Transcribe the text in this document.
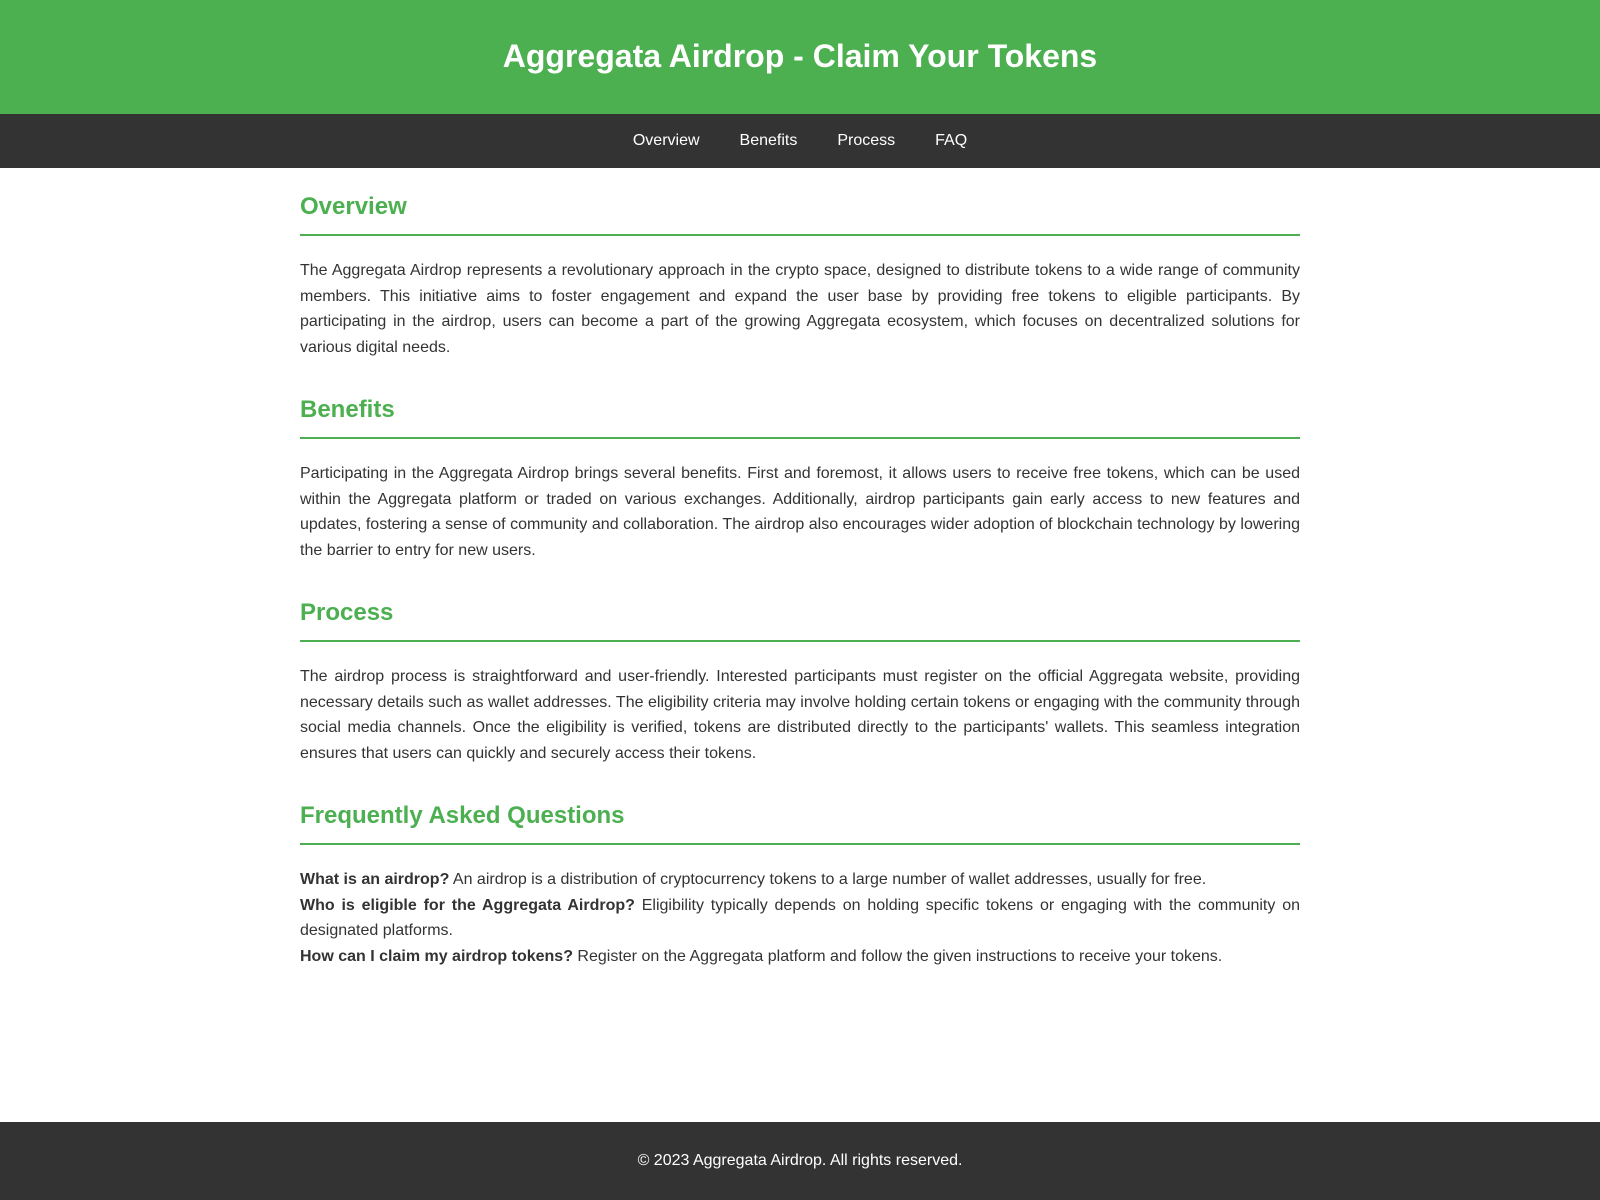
Aggregata Airdrop - Claim Your Tokens
Overview	Benefits	Process	FAQ
Overview

The Aggregata Airdrop represents a revolutionary approach in the crypto space, designed to distribute tokens to a wide range of community members. This initiative aims to foster engagement and expand the user base by providing free tokens to eligible participants. By participating in the airdrop, users can become a part of the growing Aggregata ecosystem, which focuses on decentralized solutions for various digital needs.

Benefits

Participating in the Aggregata Airdrop brings several benefits. First and foremost, it allows users to receive free tokens, which can be used within the Aggregata platform or traded on various exchanges. Additionally, airdrop participants gain early access to new features and updates, fostering a sense of community and collaboration. The airdrop also encourages wider adoption of blockchain technology by lowering the barrier to entry for new users.

Process

The airdrop process is straightforward and user-friendly. Interested participants must register on the official Aggregata website, providing necessary details such as wallet addresses. The eligibility criteria may involve holding certain tokens or engaging with the community through social media channels. Once the eligibility is verified, tokens are distributed directly to the participants' wallets. This seamless integration ensures that users can quickly and securely access their tokens.

Frequently Asked Questions

What is an airdrop? An airdrop is a distribution of cryptocurrency tokens to a large number of wallet addresses, usually for free.

Who is eligible for the Aggregata Airdrop? Eligibility typically depends on holding specific tokens or engaging with the community on designated platforms.

How can I claim my airdrop tokens? Register on the Aggregata platform and follow the given instructions to receive your tokens.

© 2023 Aggregata Airdrop. All rights reserved.
